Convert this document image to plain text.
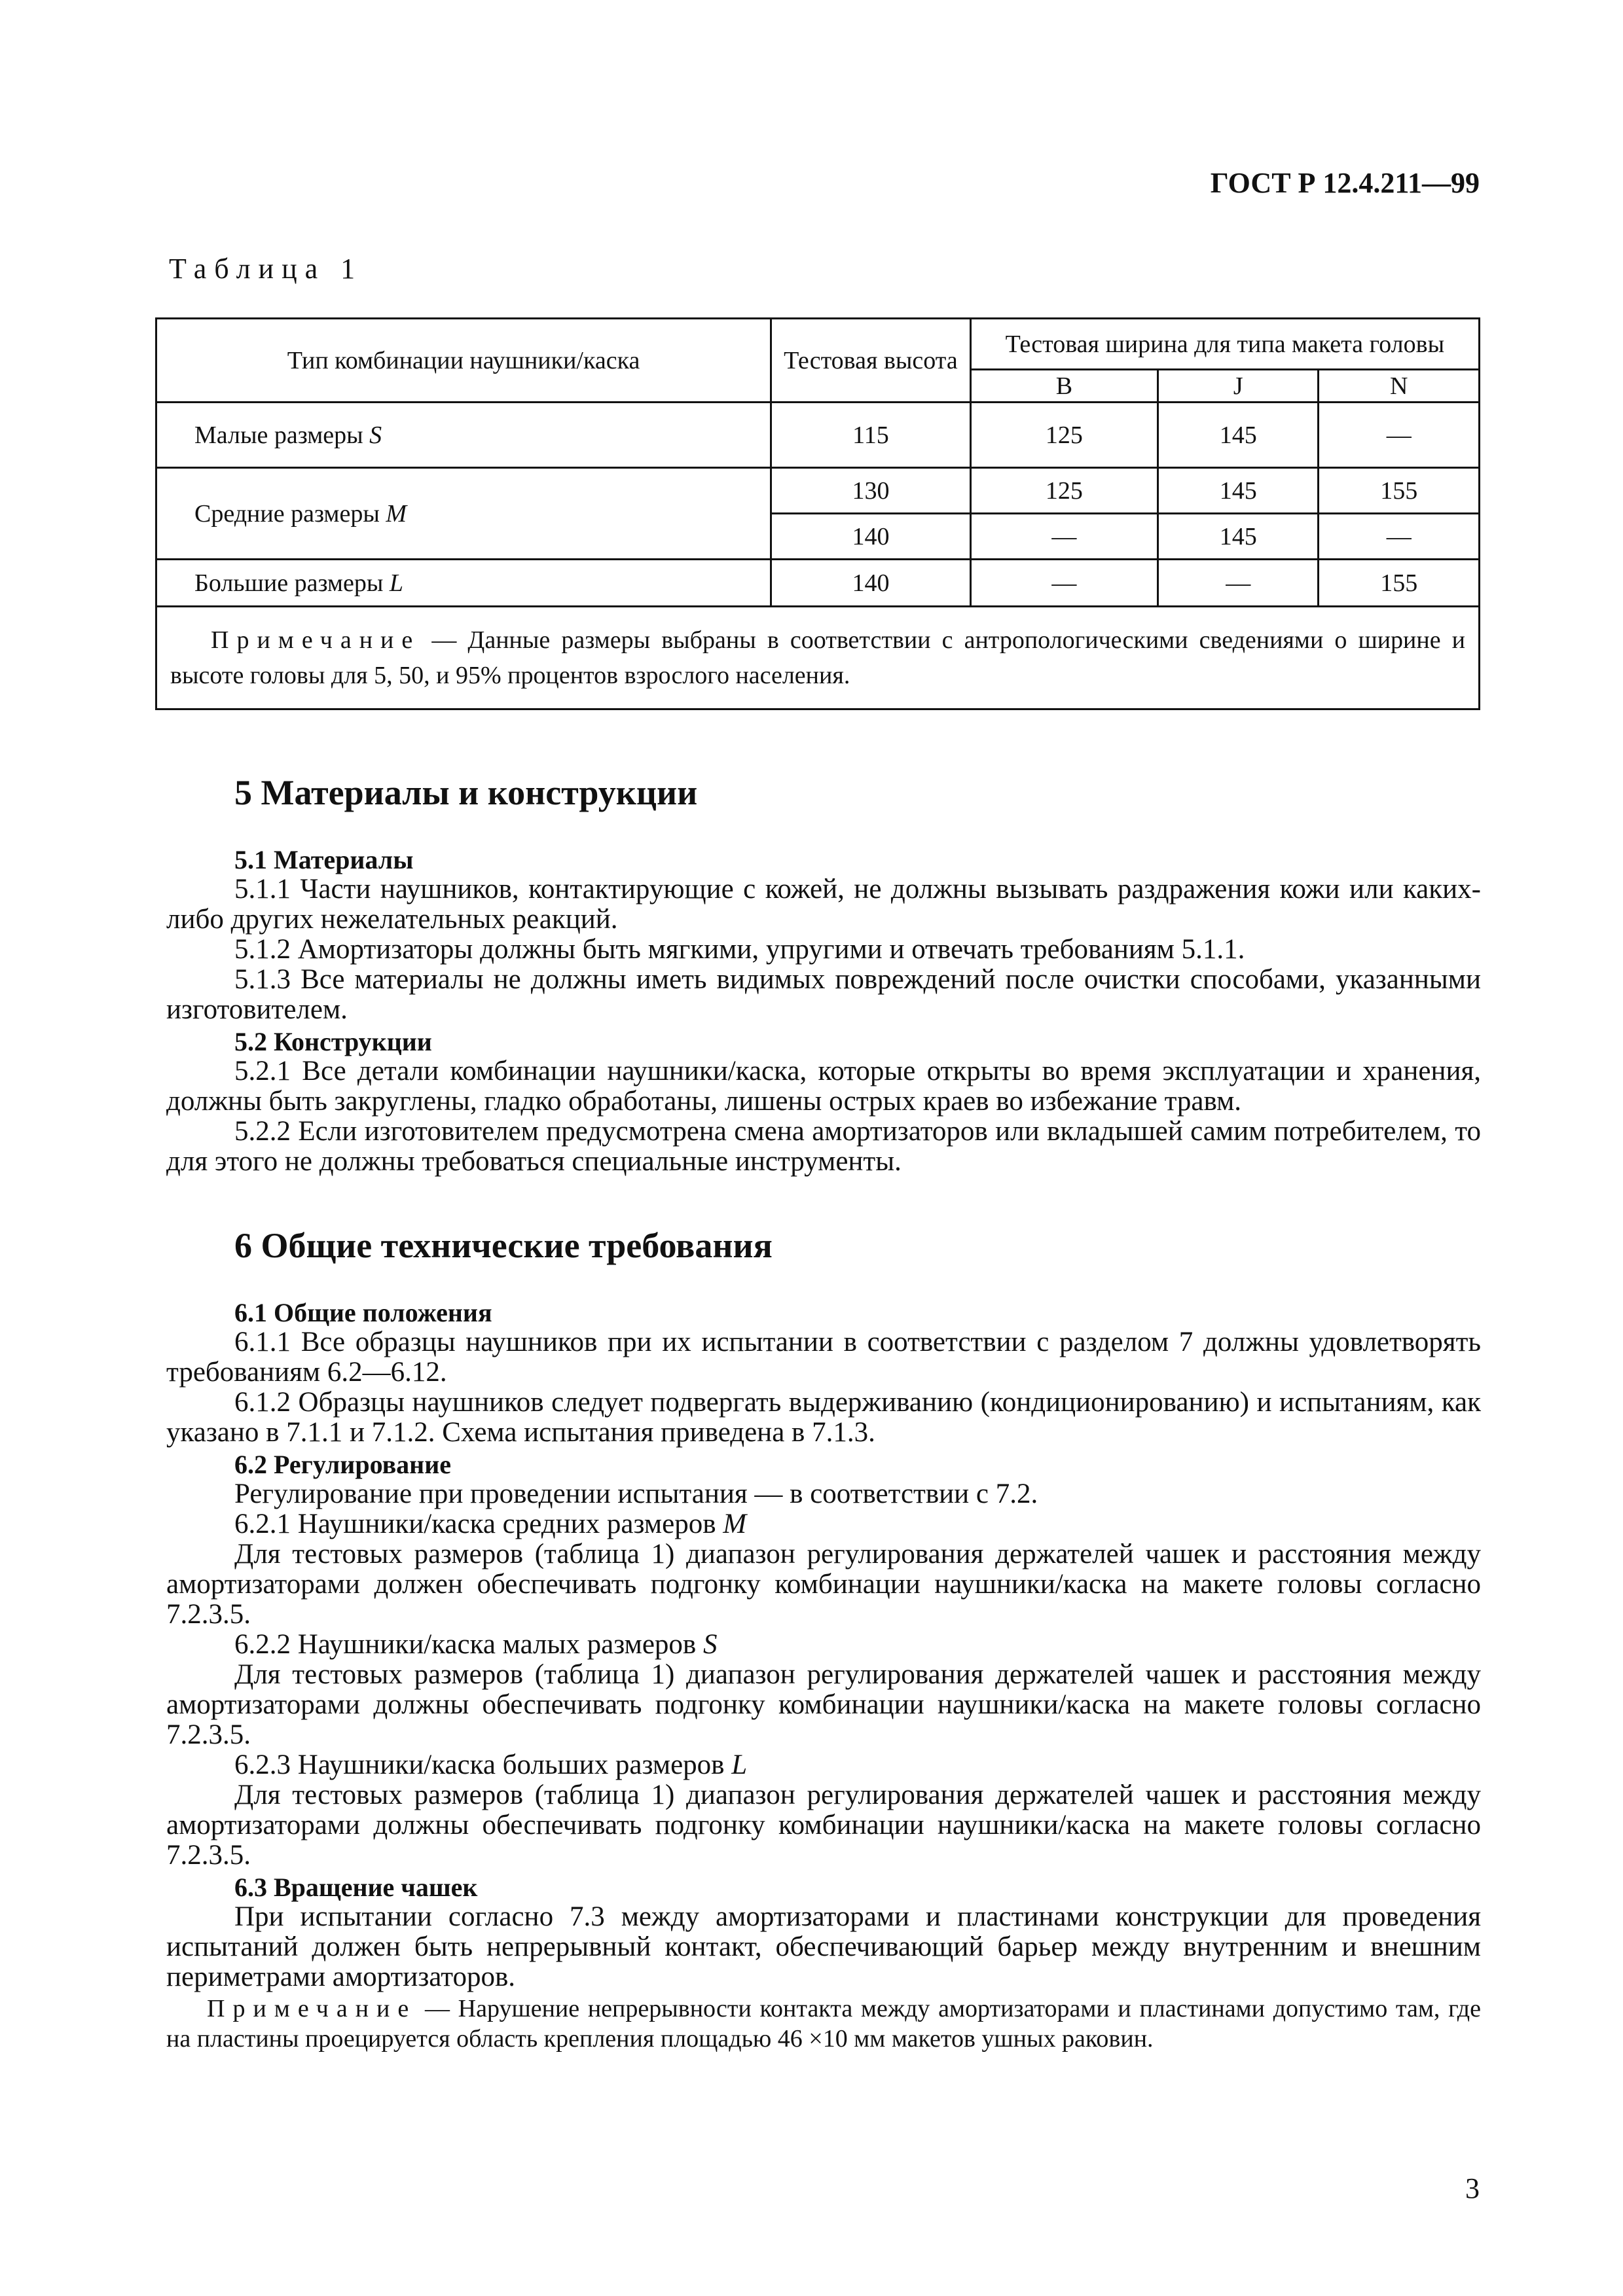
ГОСТ Р 12.4.211—99
Таблица 1
Тип комбинации наушники/каска	Тестовая высота	Тестовая ширина для типа макета головы		
		B	J	N
Малые размеры S	115	125	145	—
Средние размеры M	130	125	145	155
	140	—	145	—
Большие размеры L	140	—	—	155
Примечание — Данные размеры выбраны в соответствии с антропологическими сведениями о ширине и высоте головы для 5, 50, и 95% процентов взрослого населения.				
5 Материалы и конструкции
5.1 Материалы
5.1.1 Части наушников, контактирующие с кожей, не должны вызывать раздражения кожи или каких-либо других нежелательных реакций.
5.1.2 Амортизаторы должны быть мягкими, упругими и отвечать требованиям 5.1.1.
5.1.3 Все материалы не должны иметь видимых повреждений после очистки способами, указанными изготовителем.
5.2 Конструкции
5.2.1 Все детали комбинации наушники/каска, которые открыты во время эксплуатации и хранения, должны быть закруглены, гладко обработаны, лишены острых краев во избежание травм.
5.2.2 Если изготовителем предусмотрена смена амортизаторов или вкладышей самим потребителем, то для этого не должны требоваться специальные инструменты.
6 Общие технические требования
6.1 Общие положения
6.1.1 Все образцы наушников при их испытании в соответствии с разделом 7 должны удовлетворять требованиям 6.2—6.12.
6.1.2 Образцы наушников следует подвергать выдерживанию (кондиционированию) и испытаниям, как указано в 7.1.1 и 7.1.2. Схема испытания приведена в 7.1.3.
6.2 Регулирование
Регулирование при проведении испытания — в соответствии с 7.2.
6.2.1 Наушники/каска средних размеров M
Для тестовых размеров (таблица 1) диапазон регулирования держателей чашек и расстояния между амортизаторами должен обеспечивать подгонку комбинации наушники/каска на макете головы согласно 7.2.3.5.
6.2.2 Наушники/каска малых размеров S
Для тестовых размеров (таблица 1) диапазон регулирования держателей чашек и расстояния между амортизаторами должны обеспечивать подгонку комбинации наушники/каска на макете головы согласно 7.2.3.5.
6.2.3 Наушники/каска больших размеров L
Для тестовых размеров (таблица 1) диапазон регулирования держателей чашек и расстояния между амортизаторами должны обеспечивать подгонку комбинации наушники/каска на макете головы согласно 7.2.3.5.
6.3 Вращение чашек
При испытании согласно 7.3 между амортизаторами и пластинами конструкции для проведения испытаний должен быть непрерывный контакт, обеспечивающий барьер между внутренним и внешним периметрами амортизаторов.
Примечание — Нарушение непрерывности контакта между амортизаторами и пластинами допустимо там, где на пластины проецируется область крепления площадью 46 ×10 мм макетов ушных раковин.
3
